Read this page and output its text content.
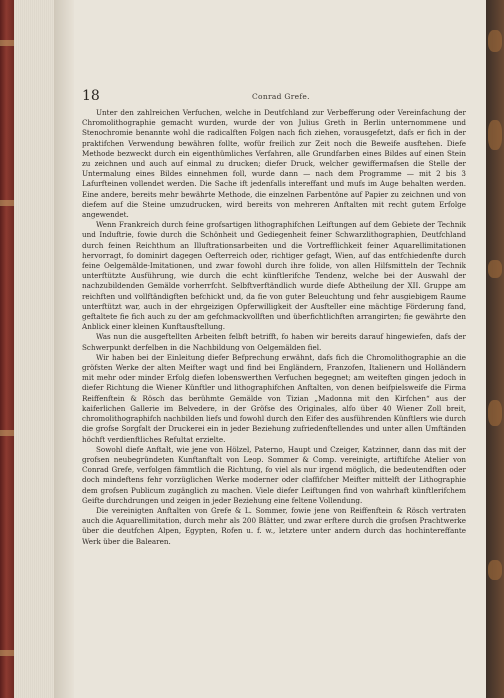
18	Conrad Grefe.

Unter den zahlreichen Verfuchen, welche in Deutfchland zur Verbefferung oder Vereinfachung der Chromolithographie gemacht wurden, wurde der von Julius Greth in Berlin unternommene und Stenochromie benannte wohl die radicalften Folgen nach fich ziehen, vorausgefetzt, dafs er fich in der praktifchen Verwendung bewähren follte, wofür freilich zur Zeit noch die Beweife ausftehen. Diefe Methode bezweckt durch ein eigenthümliches Verfahren, alle Grundfarben eines Bildes auf einen Stein zu zeichnen und auch auf einmal zu drucken; diefer Druck, welcher gewiffermafsen die Stelle der Untermalung eines Bildes einnehmen foll, wurde dann — nach dem Programme — mit 2 bis 3 Lafurfteinen vollendet werden. Die Sache ift jedenfalls intereffant und mufs im Auge behalten werden. Eine andere, bereits mehr bewährte Methode, die einzelnen Farbentöne auf Papier zu zeichnen und von diefem auf die Steine umzudrucken, wird bereits von mehreren Anftalten mit recht gutem Erfolge angewendet.

Wenn Frankreich durch feine grofsartigen lithographifchen Leiftungen auf dem Gebiete der Technik und Induftrie, fowie durch die Schönheit und Gediegenheit feiner Schwarzlithographien, Deutfchland durch feinen Reichthum an Illuftrationsarbeiten und die Vortrefflichkeit feiner Aquarellimitationen hervorragt, fo dominirt dagegen Oefterreich oder, richtiger gefagt, Wien, auf das entfchiedenfte durch feine Oelgemälde-Imitationen, und zwar fowohl durch ihre folide, von allen Hilfsmitteln der Technik unterftützte Ausführung, wie durch die echt künftlerifche Tendenz, welche bei der Auswahl der nachzubildenden Gemälde vorherrfcht. Selbftverftändlich wurde diefe Abtheilung der XII. Gruppe am reichften und vollftändigften befchickt und, da fie von guter Beleuchtung und fehr ausgiebigem Raume unterftützt war, auch in der ehrgeizigen Opferwilligkeit der Ausfteller eine mächtige Förderung fand, geftaltete fie fich auch zu der am gefchmackvollften und überfichtlichften arrangirten; fie gewährte den Anblick einer kleinen Kunftausftellung.

Was nun die ausgeftellten Arbeiten felbft betrifft, fo haben wir bereits darauf hingewiefen, dafs der Schwerpunkt derfelben in die Nachbildung von Oelgemälden fiel.

Wir haben bei der Einleitung diefer Befprechung erwähnt, dafs fich die Chromolithographie an die gröfsten Werke der alten Meifter wagt und find bei Engländern, Franzofen, Italienern und Holländern mit mehr oder minder Erfolg diefen lobenswerthen Verfuchen begegnet; am weiteften gingen jedoch in diefer Richtung die Wiener Künftler und lithographifchen Anftalten, von denen beifpielsweife die Firma Reiffenftein & Rösch das berühmte Gemälde von Tizian „Madonna mit den Kirfchen“ aus der kaiferlichen Gallerie im Belvedere, in der Gröfse des Originales, alfo über 40 Wiener Zoll breit, chromolithographifch nachbilden liefs und fowohl durch den Eifer des ausführenden Künftlers wie durch die grofse Sorgfalt der Druckerei ein in jeder Beziehung zufriedenftellendes und unter allen Umftänden höchft verdienftliches Refultat erzielte.

Sowohl diefe Anftalt, wie jene von Hölzel, Paterno, Haupt und Czeiger, Katzinner, dann das mit der grofsen neubegründeten Kunftanftalt von Leop. Sommer & Comp. vereinigte, artiftifche Atelier von Conrad Grefe, verfolgen fämmtlich die Richtung, fo viel als nur irgend möglich, die bedeutendften oder doch mindeftens fehr vorzüglichen Werke moderner oder claffifcher Meifter mittelft der Lithographie dem grofsen Publicum zugänglich zu machen. Viele diefer Leiftungen find von wahrhaft künftlerifchem Geifte durchdrungen und zeigen in jeder Beziehung eine feltene Vollendung.

Die vereinigten Anftalten von Grefe & L. Sommer, fowie jene von Reiffenftein & Rösch vertraten auch die Aquarellimitation, durch mehr als 200 Blätter, und zwar erftere durch die grofsen Prachtwerke über die deutfchen Alpen, Egypten, Rofen u. f. w., letztere unter andern durch das hochintereffante Werk über die Balearen.
